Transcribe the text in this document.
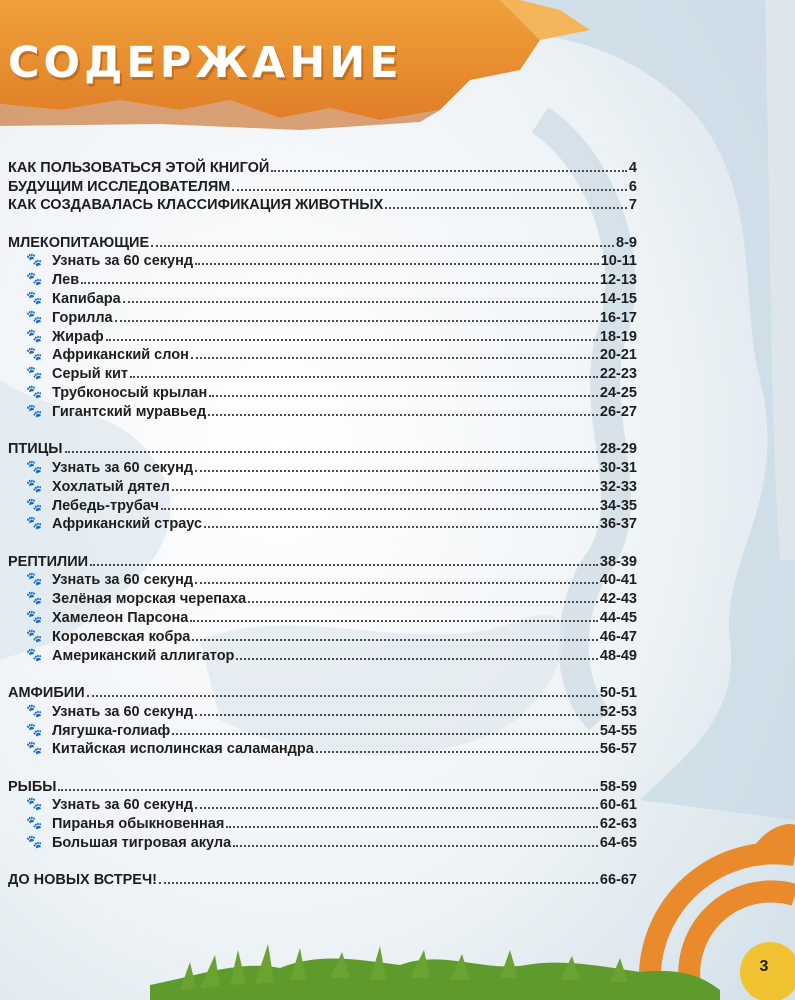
СОДЕРЖАНИЕ
КАК ПОЛЬЗОВАТЬСЯ ЭТОЙ КНИГОЙ	4
БУДУЩИМ ИССЛЕДОВАТЕЛЯМ	6
КАК СОЗДАВАЛАСЬ КЛАССИФИКАЦИЯ ЖИВОТНЫХ	7
МЛЕКОПИТАЮЩИЕ	8-9
🐾 Узнать за 60 секунд	10-11
🐾 Лев	12-13
🐾 Капибара	14-15
🐾 Горилла	16-17
🐾 Жираф	18-19
🐾 Африканский слон	20-21
🐾 Серый кит	22-23
🐾 Трубконосый крылан	24-25
🐾 Гигантский муравьед	26-27
ПТИЦЫ	28-29
🐾 Узнать за 60 секунд	30-31
🐾 Хохлатый дятел	32-33
🐾 Лебедь-трубач	34-35
🐾 Африканский страус	36-37
РЕПТИЛИИ	38-39
🐾 Узнать за 60 секунд	40-41
🐾 Зелёная морская черепаха	42-43
🐾 Хамелеон Парсона	44-45
🐾 Королевская кобра	46-47
🐾 Американский аллигатор	48-49
АМФИБИИ	50-51
🐾 Узнать за 60 секунд	52-53
🐾 Лягушка-голиаф	54-55
🐾 Китайская исполинская саламандра	56-57
РЫБЫ	58-59
🐾 Узнать за 60 секунд	60-61
🐾 Пиранья обыкновенная	62-63
🐾 Большая тигровая акула	64-65
ДО НОВЫХ ВСТРЕЧ!	66-67
3
